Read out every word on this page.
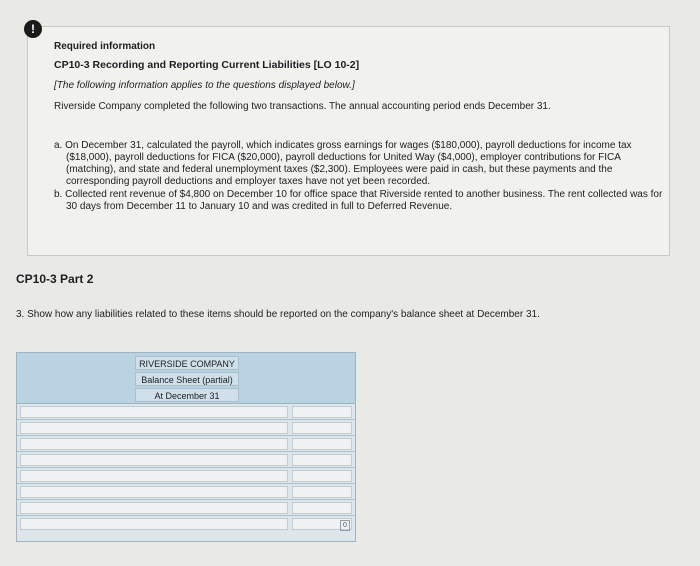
!
Required information
CP10-3 Recording and Reporting Current Liabilities [LO 10-2]
[The following information applies to the questions displayed below.]
Riverside Company completed the following two transactions. The annual accounting period ends December 31.
a. On December 31, calculated the payroll, which indicates gross earnings for wages ($180,000), payroll deductions for income tax ($18,000), payroll deductions for FICA ($20,000), payroll deductions for United Way ($4,000), employer contributions for FICA (matching), and state and federal unemployment taxes ($2,300). Employees were paid in cash, but these payments and the corresponding payroll deductions and employer taxes have not yet been recorded.
b. Collected rent revenue of $4,800 on December 10 for office space that Riverside rented to another business. The rent collected was for 30 days from December 11 to January 10 and was credited in full to Deferred Revenue.
CP10-3 Part 2
3. Show how any liabilities related to these items should be reported on the company's balance sheet at December 31.
RIVERSIDE COMPANY
Balance Sheet (partial)
At December 31
0
